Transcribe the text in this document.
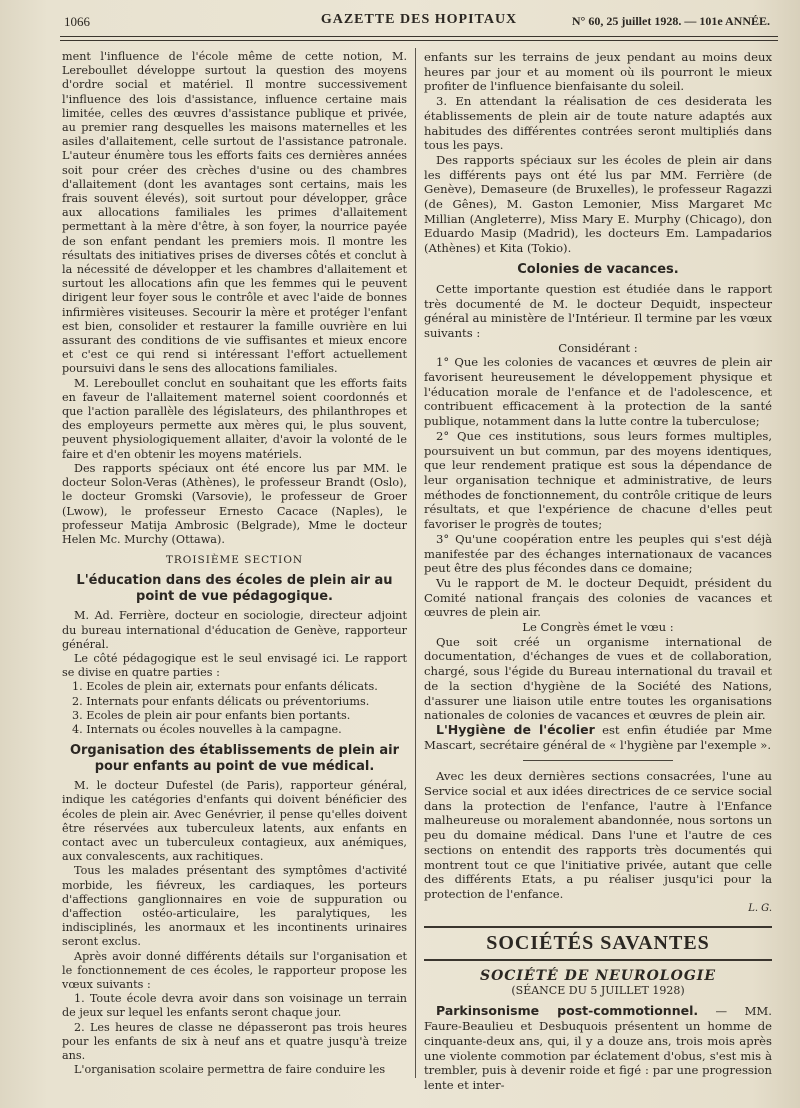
1066	GAZETTE DES HOPITAUX	N° 60, 25 juillet 1928. — 101e ANNÉE.

ment l'influence de l'école même de cette notion, M. Lereboullet développe surtout la question des moyens d'ordre social et matériel. Il montre successivement l'influence des lois d'assistance, influence certaine mais limitée, celles des œuvres d'assistance publique et privée, au premier rang desquelles les maisons maternelles et les asiles d'allaitement, celle surtout de l'assistance patronale. L'auteur énumère tous les efforts faits ces dernières années soit pour créer des crèches d'usine ou des chambres d'allaitement (dont les avantages sont certains, mais les frais souvent élevés), soit surtout pour développer, grâce aux allocations familiales les primes d'allaitement permettant à la mère d'être, à son foyer, la nourrice payée de son enfant pendant les premiers mois. Il montre les résultats des initiatives prises de diverses côtés et conclut à la nécessité de développer et les chambres d'allaitement et surtout les allocations afin que les femmes qui le peuvent dirigent leur foyer sous le contrôle et avec l'aide de bonnes infirmières visiteuses. Secourir la mère et protéger l'enfant est bien, consolider et restaurer la famille ouvrière en lui assurant des conditions de vie suffisantes et mieux encore et c'est ce qui rend si intéressant l'effort actuellement poursuivi dans le sens des allocations familiales.

M. Lereboullet conclut en souhaitant que les efforts faits en faveur de l'allaitement maternel soient coordonnés et que l'action parallèle des législateurs, des philanthropes et des employeurs permette aux mères qui, le plus souvent, peuvent physiologiquement allaiter, d'avoir la volonté de le faire et d'en obtenir les moyens matériels.

Des rapports spéciaux ont été encore lus par MM. le docteur Solon-Veras (Athènes), le professeur Brandt (Oslo), le docteur Gromski (Varsovie), le professeur de Groer (Lwow), le professeur Ernesto Cacace (Naples), le professeur Matija Ambrosic (Belgrade), Mme le docteur Helen Mc. Murchy (Ottawa).

TROISIÈME SECTION
L'éducation dans des écoles de plein air au point de vue pédagogique.

M. Ad. Ferrière, docteur en sociologie, directeur adjoint du bureau international d'éducation de Genève, rapporteur général.

Le côté pédagogique est le seul envisagé ici. Le rapport se divise en quatre parties :

1. Ecoles de plein air, externats pour enfants délicats.
2. Internats pour enfants délicats ou préventoriums.
3. Ecoles de plein air pour enfants bien portants.
4. Internats ou écoles nouvelles à la campagne.
Organisation des établissements de plein air pour enfants au point de vue médical.

M. le docteur Dufestel (de Paris), rapporteur général, indique les catégories d'enfants qui doivent bénéficier des écoles de plein air. Avec Genévrier, il pense qu'elles doivent être réservées aux tuberculeux latents, aux enfants en contact avec un tuberculeux contagieux, aux anémiques, aux convalescents, aux rachitiques.

Tous les malades présentant des symptômes d'activité morbide, les fiévreux, les cardiaques, les porteurs d'affections ganglionnaires en voie de suppuration ou d'affection ostéo-articulaire, les paralytiques, les indisciplinés, les anormaux et les incontinents urinaires seront exclus.

Après avoir donné différents détails sur l'organisation et le fonctionnement de ces écoles, le rapporteur propose les vœux suivants :

1. Toute école devra avoir dans son voisinage un terrain de jeux sur lequel les enfants seront chaque jour.

2. Les heures de classe ne dépasseront pas trois heures pour les enfants de six à neuf ans et quatre jusqu'à treize ans.

L'organisation scolaire permettra de faire conduire les

enfants sur les terrains de jeux pendant au moins deux heures par jour et au moment où ils pourront le mieux profiter de l'influence bienfaisante du soleil.

3. En attendant la réalisation de ces desiderata les établissements de plein air de toute nature adaptés aux habitudes des différentes contrées seront multipliés dans tous les pays.

Des rapports spéciaux sur les écoles de plein air dans les différents pays ont été lus par MM. Ferrière (de Genève), Demaseure (de Bruxelles), le professeur Ragazzi (de Gênes), M. Gaston Lemonier, Miss Margaret Mc Millian (Angleterre), Miss Mary E. Murphy (Chicago), don Eduardo Masip (Madrid), les docteurs Em. Lampadarios (Athènes) et Kita (Tokio).

Colonies de vacances.

Cette importante question est étudiée dans le rapport très documenté de M. le docteur Dequidt, inspecteur général au ministère de l'Intérieur. Il termine par les vœux suivants :

Considérant :

1° Que les colonies de vacances et œuvres de plein air favorisent heureusement le développement physique et l'éducation morale de l'enfance et de l'adolescence, et contribuent efficacement à la protection de la santé publique, notamment dans la lutte contre la tuberculose;

2° Que ces institutions, sous leurs formes multiples, poursuivent un but commun, par des moyens identiques, que leur rendement pratique est sous la dépendance de leur organisation technique et administrative, de leurs méthodes de fonctionnement, du contrôle critique de leurs résultats, et que l'expérience de chacune d'elles peut favoriser le progrès de toutes;

3° Qu'une coopération entre les peuples qui s'est déjà manifestée par des échanges internationaux de vacances peut être des plus fécondes dans ce domaine;

Vu le rapport de M. le docteur Dequidt, président du Comité national français des colonies de vacances et œuvres de plein air.

Le Congrès émet le vœu :

Que soit créé un organisme international de documentation, d'échanges de vues et de collaboration, chargé, sous l'égide du Bureau international du travail et de la section d'hygiène de la Société des Nations, d'assurer une liaison utile entre toutes les organisations nationales de colonies de vacances et œuvres de plein air.

L'Hygiène de l'écolier est enfin étudiée par Mme Mascart, secrétaire général de « l'hygiène par l'exemple ».

Avec les deux dernières sections consacrées, l'une au Service social et aux idées directrices de ce service social dans la protection de l'enfance, l'autre à l'Enfance malheureuse ou moralement abandonnée, nous sortons un peu du domaine médical. Dans l'une et l'autre de ces sections on entendit des rapports très documentés qui montrent tout ce que l'initiative privée, autant que celle des différents Etats, a pu réaliser jusqu'ici pour la protection de l'enfance.

L. G.
SOCIÉTÉS SAVANTES
SOCIÉTÉ DE NEUROLOGIE
(SÉANCE DU 5 JUILLET 1928)

Parkinsonisme post-commotionnel. — MM. Faure-Beaulieu et Desbuquois présentent un homme de cinquante-deux ans, qui, il y a douze ans, trois mois après une violente commotion par éclatement d'obus, s'est mis à trembler, puis à devenir roide et figé : par une progression lente et inter-
